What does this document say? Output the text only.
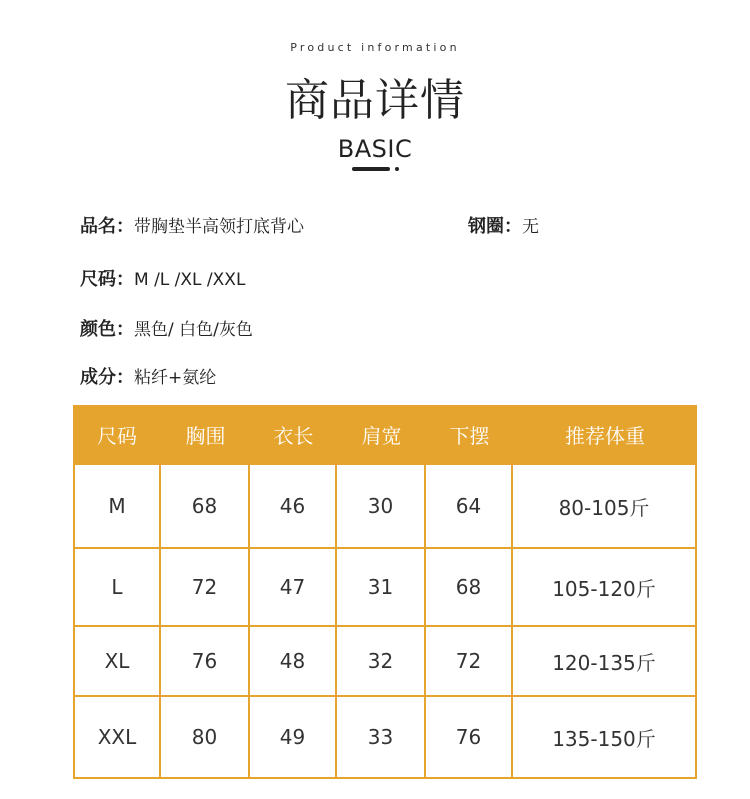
Product information
商品详情
BASIC
品名：带胸垫半高领打底背心	钢圈：无
尺码：M /L /XL /XXL
颜色：黑色/ 白色/灰色
成分：粘纤+氨纶
尺码	胸围	衣长	肩宽	下摆	推荐体重
M	68	46	30	64	80-105斤
L	72	47	31	68	105-120斤
XL	76	48	32	72	120-135斤
XXL	80	49	33	76	135-150斤
